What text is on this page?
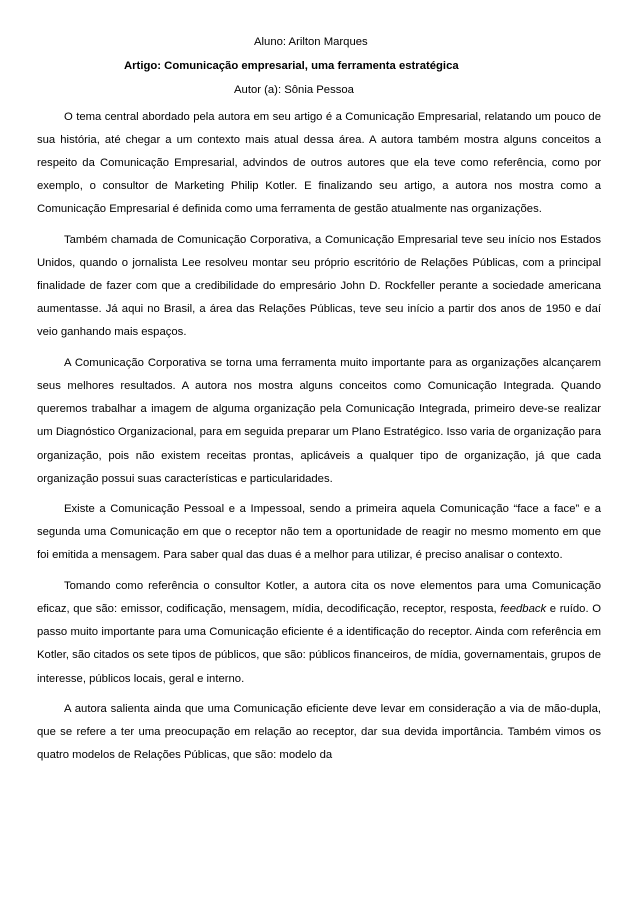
Aluno: Arilton Marques
Artigo: Comunicação empresarial, uma ferramenta estratégica
Autor (a): Sônia Pessoa

O tema central abordado pela autora em seu artigo é a Comunicação Empresarial, relatando um pouco de sua história, até chegar a um contexto mais atual dessa área. A autora também mostra alguns conceitos a respeito da Comunicação Empresarial, advindos de outros autores que ela teve como referência, como por exemplo, o consultor de Marketing Philip Kotler. E finalizando seu artigo, a autora nos mostra como a Comunicação Empresarial é definida como uma ferramenta de gestão atualmente nas organizações.

Também chamada de Comunicação Corporativa, a Comunicação Empresarial teve seu início nos Estados Unidos, quando o jornalista Lee resolveu montar seu próprio escritório de Relações Públicas, com a principal finalidade de fazer com que a credibilidade do empresário John D. Rockfeller perante a sociedade americana aumentasse. Já aqui no Brasil, a área das Relações Públicas, teve seu início a partir dos anos de 1950 e daí veio ganhando mais espaços.

A Comunicação Corporativa se torna uma ferramenta muito importante para as organizações alcançarem seus melhores resultados. A autora nos mostra alguns conceitos como Comunicação Integrada. Quando queremos trabalhar a imagem de alguma organização pela Comunicação Integrada, primeiro deve-se realizar um Diagnóstico Organizacional, para em seguida preparar um Plano Estratégico. Isso varia de organização para organização, pois não existem receitas prontas, aplicáveis a qualquer tipo de organização, já que cada organização possui suas características e particularidades.

Existe a Comunicação Pessoal e a Impessoal, sendo a primeira aquela Comunicação “face a face” e a segunda uma Comunicação em que o receptor não tem a oportunidade de reagir no mesmo momento em que foi emitida a mensagem. Para saber qual das duas é a melhor para utilizar, é preciso analisar o contexto.

Tomando como referência o consultor Kotler, a autora cita os nove elementos para uma Comunicação eficaz, que são: emissor, codificação, mensagem, mídia, decodificação, receptor, resposta, feedback e ruído. O passo muito importante para uma Comunicação eficiente é a identificação do receptor. Ainda com referência em Kotler, são citados os sete tipos de públicos, que são: públicos financeiros, de mídia, governamentais, grupos de interesse, públicos locais, geral e interno.

A autora salienta ainda que uma Comunicação eficiente deve levar em consideração a via de mão-dupla, que se refere a ter uma preocupação em relação ao receptor, dar sua devida importância. Também vimos os quatro modelos de Relações Públicas, que são: modelo da
